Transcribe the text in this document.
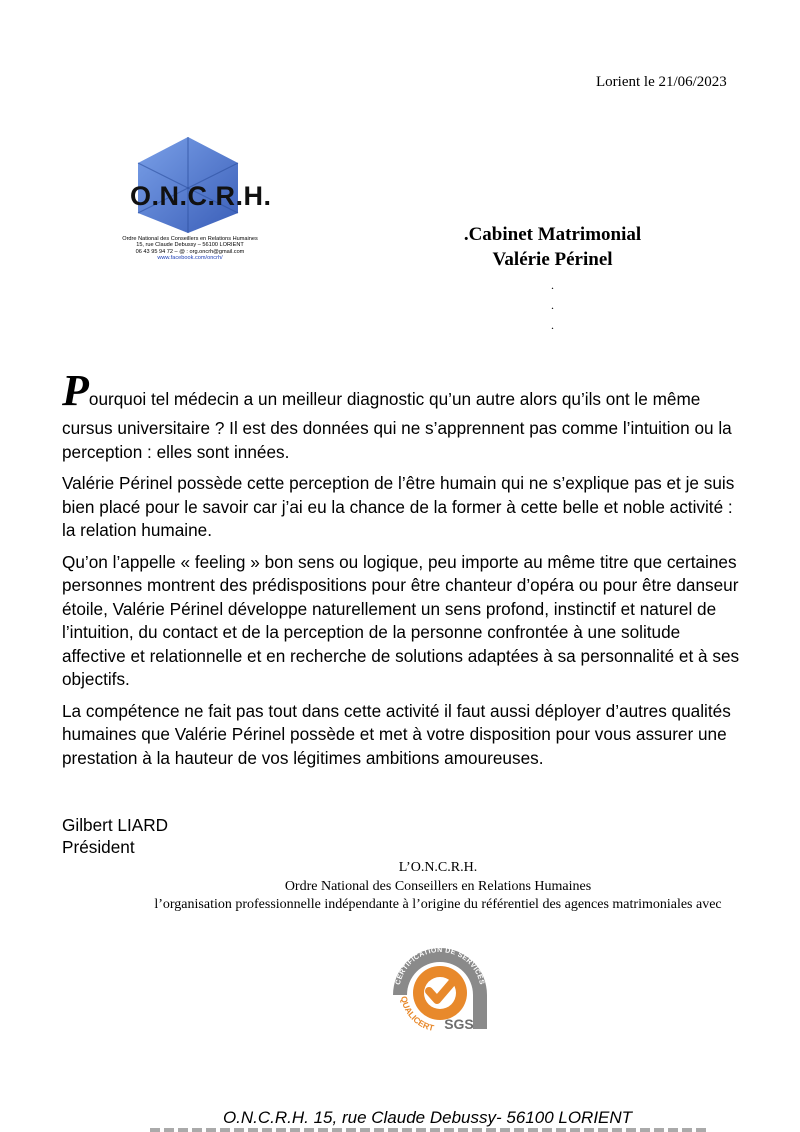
Lorient le 21/06/2023
O.N.C.R.H.
Ordre National des Conseillers en Relations Humaines
15, rue Claude Debussy – 56100 LORIENT
06 43 95 94 72 – @ : org.oncrh@gmail.com
www.facebook.com/oncrh/
.Cabinet Matrimonial
Valérie Périnel
.
.
.

Pourquoi tel médecin a un meilleur diagnostic qu’un autre alors qu’ils ont le même
cursus universitaire ? Il est des données qui ne s’apprennent pas comme l’intuition ou la
perception : elles sont innées.

Valérie Périnel possède cette perception de l’être humain qui ne s’explique pas et je suis
bien placé pour le savoir car j’ai eu la chance de la former à cette belle et noble activité :
la relation humaine.

Qu’on l’appelle « feeling » bon sens ou logique, peu importe au même titre que certaines
personnes montrent des prédispositions pour être chanteur d’opéra ou pour être danseur
étoile, Valérie Périnel développe naturellement un sens profond, instinctif et naturel de
l’intuition, du contact et de la perception de la personne confrontée à une solitude
affective et relationnelle et en recherche de solutions adaptées à sa personnalité et à ses
objectifs.

La compétence ne fait pas tout dans cette activité il faut aussi déployer d’autres qualités
humaines que Valérie Périnel possède et met à votre disposition pour vous assurer une
prestation à la hauteur de vos légitimes ambitions amoureuses.

Gilbert LIARD
Président
L’O.N.C.R.H.
Ordre National des Conseillers en Relations Humaines
l’organisation professionnelle indépendante à l’origine du référentiel des agences matrimoniales avec
CERTIFICATION DE SERVICES
QUALICERT SGS
O.N.C.R.H. 15, rue Claude Debussy- 56100 LORIENT
